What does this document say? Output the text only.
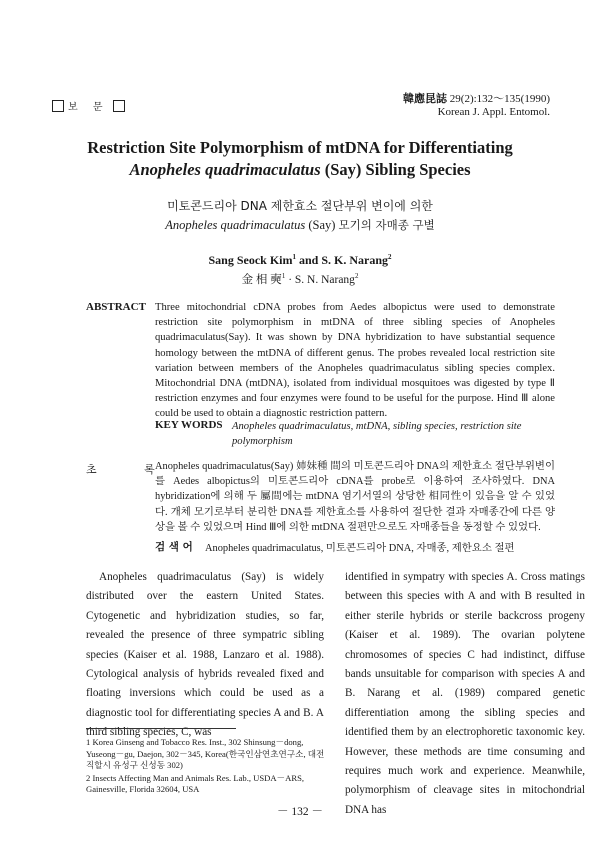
보 문
韓應昆誌 29(2):132～135(1990)
Korean J. Appl. Entomol.
Restriction Site Polymorphism of mtDNA for Differentiating
Anopheles quadrimaculatus (Say) Sibling Species
미토콘드리아 DNA 제한효소 절단부위 변이에 의한
Anopheles quadrimaculatus (Say) 모기의 자매종 구별
Sang Seock Kim$^1$ and S. K. Narang$^2$
金 相 奭$^1$ · S. N. Narang$^2$
ABSTRACT Three mitochondrial cDNA probes from Aedes albopictus were used to demonstrate restriction site polymorphism in mtDNA of three sibling species of Anopheles quadrimaculatus(Say). It was shown by DNA hybridization to have substantial sequence homology between the mtDNA of different genus. The probes revealed local restriction site variation between members of the Anopheles quadrimaculatus sibling species complex. Mitochondrial DNA (mtDNA), isolated from individual mosquitoes was digested by type Ⅱ restriction enzymes and four enzymes were found to be useful for the purpose. Hind Ⅲ alone could be used to obtain a diagnostic restriction pattern.
KEY WORDS Anopheles quadrimaculatus, mtDNA, sibling species, restriction site polymorphism
초 록
Anopheles quadrimaculatus(Say) 姉妹種 間의 미토콘드리아 DNA의 제한효소 절단부위변이를 Aedes albopictus의 미토콘드리아 cDNA를 probe로 이용하여 조사하였다. DNA hybridization에 의해 두 屬間에는 mtDNA 염기서열의 상당한 相同性이 있음을 알 수 있었다. 개체 모기로부터 분리한 DNA를 제한효소를 사용하여 절단한 결과 자매종간에 다른 양상을 볼 수 있었으며 Hind Ⅲ에 의한 mtDNA 절편만으로도 자매종들을 동정할 수 있었다.
검 색 어 Anopheles quadrimaculatus, 미토콘드리아 DNA, 자매종, 제한요소 절편

Anopheles quadrimaculatus (Say) is widely distributed over the eastern United States. Cytogenetic and hybridization studies, so far, revealed the presence of three sympatric sibling species (Kaiser et al. 1988, Lanzaro et al. 1988). Cytological analysis of hybrids revealed fixed and floating inversions which could be used as a diagnostic tool for differentiating species A and B. A third sibling species, C, was

identified in sympatry with species A. Cross matings between this species with A and with B resulted in either sterile hybrids or sterile backcross progeny (Kaiser et al. 1989). The ovarian polytene chromosomes of species C had indistinct, diffuse bands unsuitable for comparison with species A and B. Narang et al. (1989) compared genetic differentiation among the sibling species and identified them by an electrophoretic taxonomic key. However, these methods are time consuming and requires much work and experience. Meanwhile, polymorphism of cleavage sites in mitochondrial DNA has

1 Korea Ginseng and Tobacco Res. Inst., 302 Shinsung－dong, Yuseong－gu, Daejon, 302－345, Korea(한국인삼연초연구소, 대전직할시 유성구 신성동 302)
2 Insects Affecting Man and Animals Res. Lab., USDA－ARS, Gainesville, Florida 32604, USA
－ 132 －
